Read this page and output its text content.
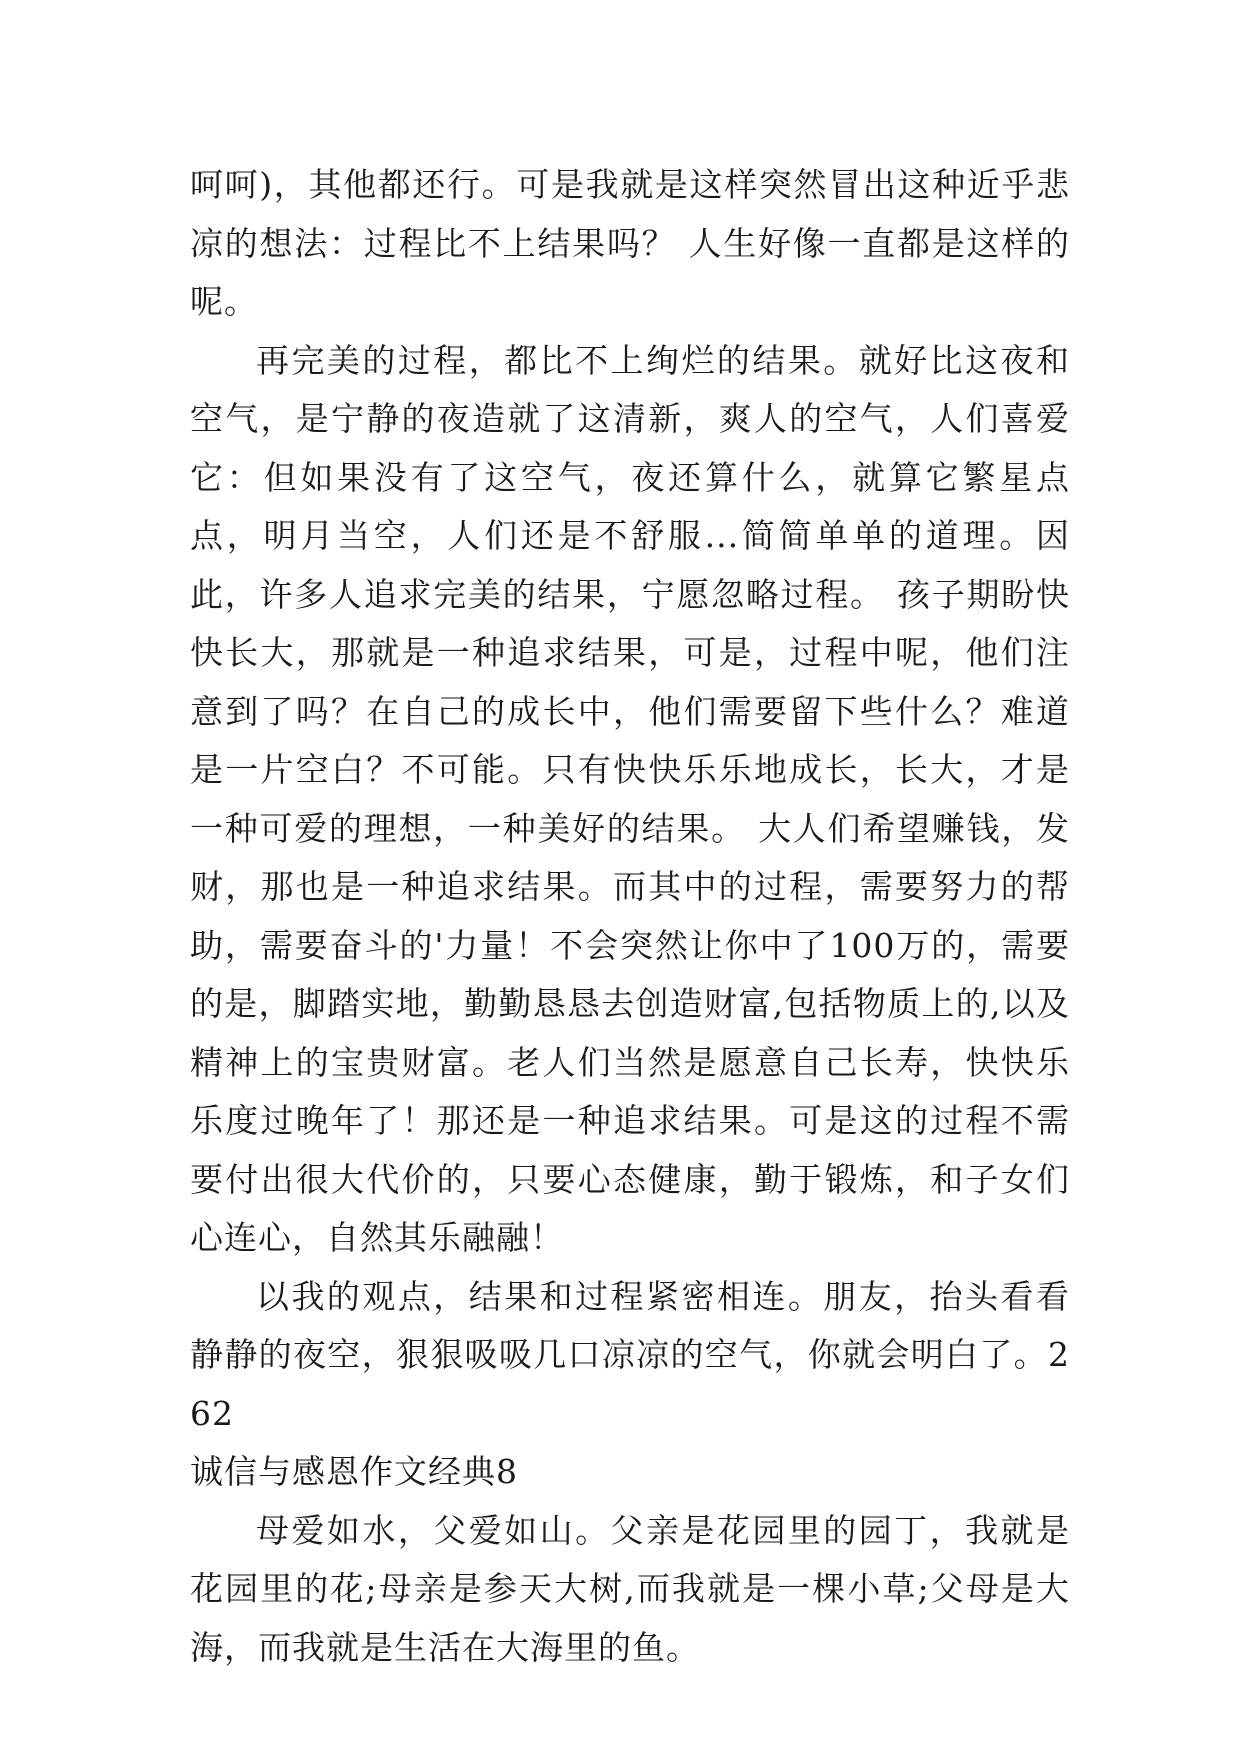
呵呵)，其他都还行。可是我就是这样突然冒出这种近乎悲凉的想法：过程比不上结果吗？ 人生好像一直都是这样的呢。

再完美的过程，都比不上绚烂的结果。就好比这夜和空气，是宁静的夜造就了这清新，爽人的空气，人们喜爱它：但如果没有了这空气，夜还算什么，就算它繁星点点，明月当空，人们还是不舒服...简简单单的道理。因此，许多人追求完美的结果，宁愿忽略过程。 孩子期盼快快长大，那就是一种追求结果，可是，过程中呢，他们注意到了吗？在自己的成长中，他们需要留下些什么？难道是一片空白？不可能。只有快快乐乐地成长，长大，才是一种可爱的理想，一种美好的结果。 大人们希望赚钱，发财，那也是一种追求结果。而其中的过程，需要努力的帮助，需要奋斗的'力量！不会突然让你中了100万的，需要的是，脚踏实地，勤勤恳恳去创造财富,包括物质上的,以及精神上的宝贵财富。老人们当然是愿意自己长寿，快快乐乐度过晚年了！那还是一种追求结果。可是这的过程不需要付出很大代价的，只要心态健康，勤于锻炼，和子女们心连心，自然其乐融融！

以我的观点，结果和过程紧密相连。朋友，抬头看看静静的夜空，狠狠吸吸几口凉凉的空气，你就会明白了。262

诚信与感恩作文经典8

母爱如水，父爱如山。父亲是花园里的园丁，我就是花园里的花;母亲是参天大树,而我就是一棵小草;父母是大海，而我就是生活在大海里的鱼。
